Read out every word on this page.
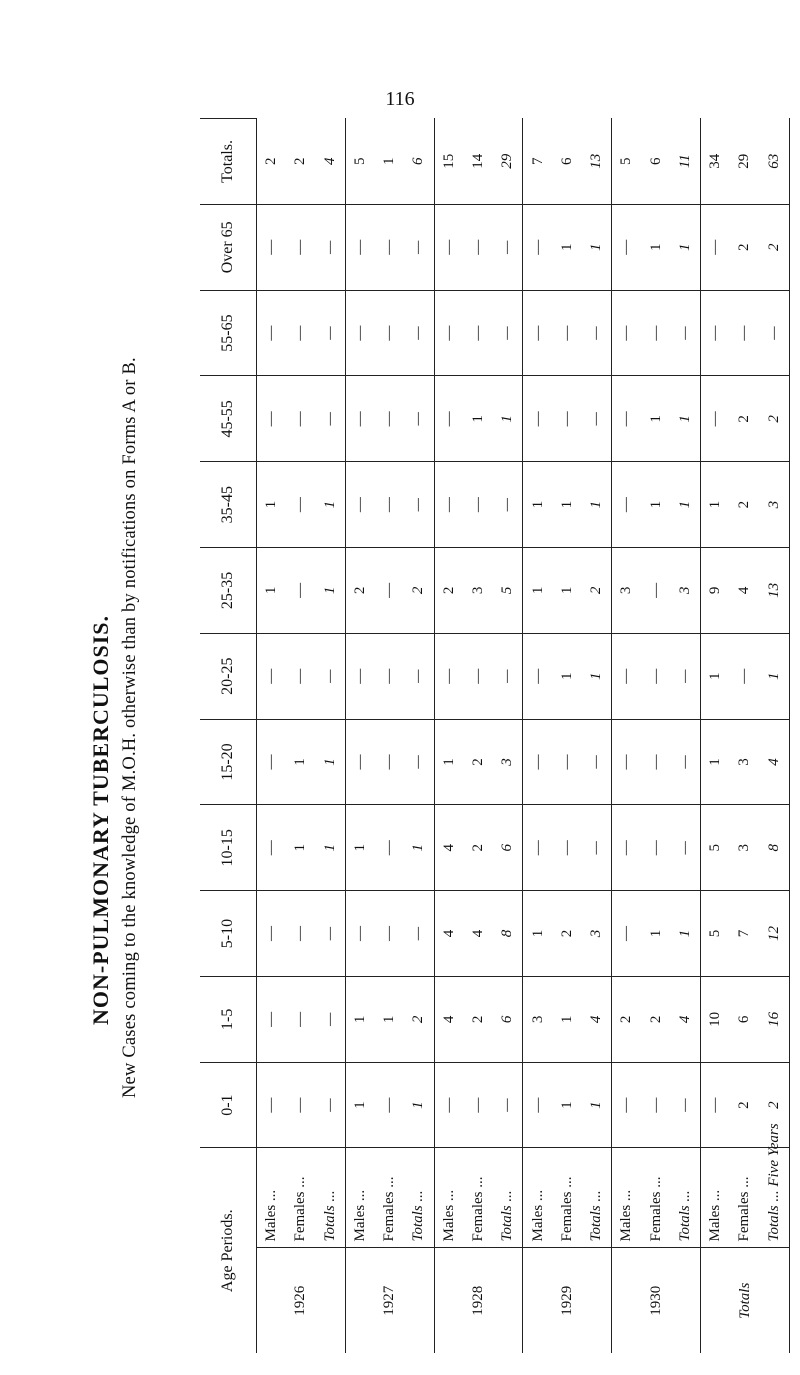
116
NON-PULMONARY TUBERCULOSIS. New Cases coming to the knowledge of M.O.H. otherwise than by notifications on Forms A or B.
Age Periods.		0-1	1-5	5-10	10-15	15-20	20-25	25-35	35-45	45-55	55-65	Over 65	Totals.
1926	Males ...	—	—	—	—	—	—	1	1	—	—	—	2
	Females ...	—	—	—	1	1	—	—	—	—	—	—	2
	Totals ...	—	—	—	1	1	—	1	1	—	—	—	4
1927	Males ...	1	1	—	1	—	—	2	—	—	—	—	5
	Females ...	—	1	—	—	—	—	—	—	—	—	—	1
	Totals ...	1	2	—	1	—	—	2	—	—	—	—	6
1928	Males ...	—	4	4	4	1	—	2	—	—	—	—	15
	Females ...	—	2	4	2	2	—	3	—	1	—	—	14
	Totals ...	—	6	8	6	3	—	5	—	1	—	—	29
1929	Males ...	—	3	1	—	—	—	1	1	—	—	—	7
	Females ...	1	1	2	—	—	1	1	1	—	—	1	6
	Totals ...	1	4	3	—	—	1	2	1	—	—	1	13
1930	Males ...	—	2	—	—	—	—	3	—	—	—	—	5
	Females ...	—	2	1	—	—	—	—	1	1	—	1	6
	Totals ...	—	4	1	—	—	—	3	1	1	—	1	11
Totals	Males ...	—	10	5	5	1	1	9	1	—	—	—	34
	Females ...	2	6	7	3	3	—	4	2	2	—	2	29
	Totals ... Five Years	2	16	12	8	4	1	13	3	2	—	2	63
